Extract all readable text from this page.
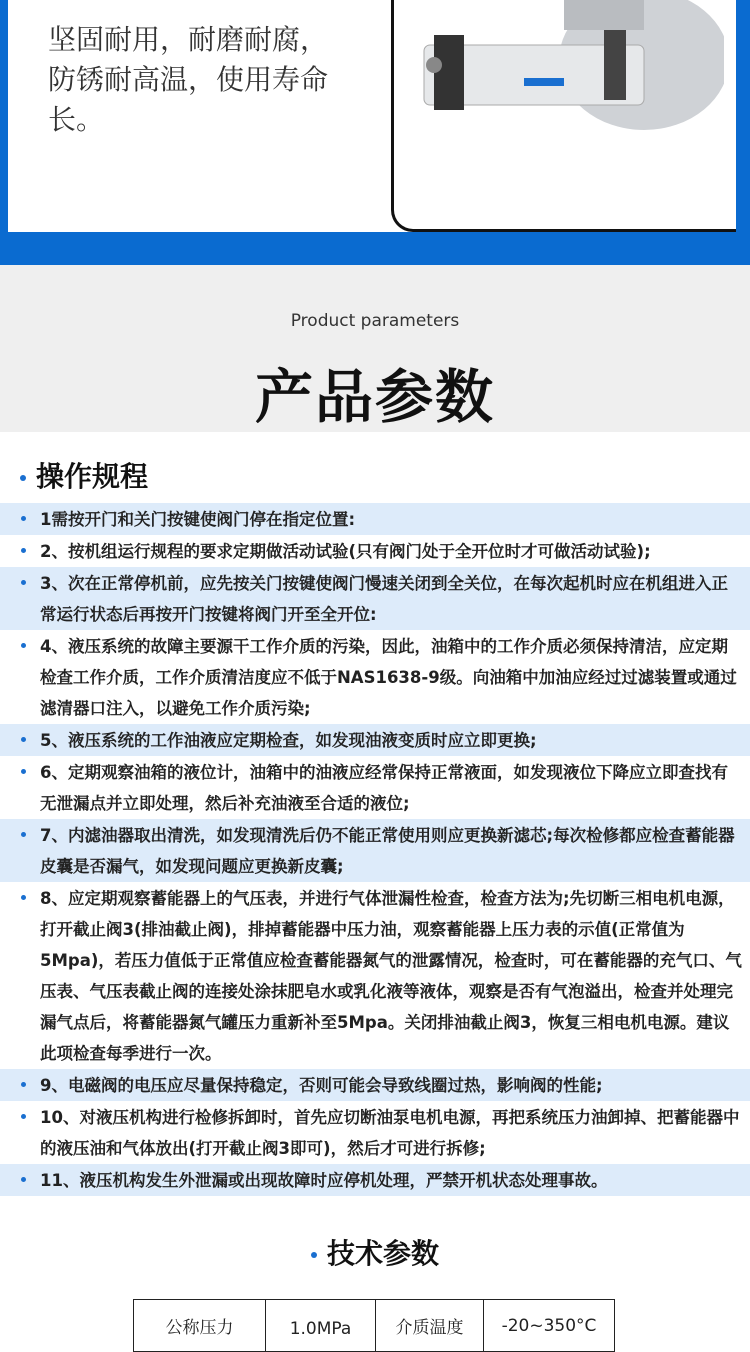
坚固耐用，耐磨耐腐，防锈耐高温，使用寿命长。
Product parameters
产品参数
操作规程
1需按开门和关门按键使阀门停在指定位置:
2、按机组运行规程的要求定期做活动试验(只有阀门处于全开位时才可做活动试验);
3、次在正常停机前，应先按关门按键使阀门慢速关闭到全关位，在每次起机时应在机组进入正常运行状态后再按开门按键将阀门开至全开位:
4、液压系统的故障主要源干工作介质的污染，因此，油箱中的工作介质必须保持清洁，应定期检查工作介质，工作介质清洁度应不低于NAS1638-9级。向油箱中加油应经过过滤装置或通过滤清器口注入，以避免工作介质污染;
5、液压系统的工作油液应定期检查，如发现油液变质时应立即更换;
6、定期观察油箱的液位计，油箱中的油液应经常保持正常液面，如发现液位下降应立即查找有无泄漏点并立即处理，然后补充油液至合适的液位;
7、内滤油器取出清洗，如发现清洗后仍不能正常使用则应更换新滤芯;每次检修都应检查蓄能器皮囊是否漏气，如发现问题应更换新皮囊;
8、应定期观察蓄能器上的气压表，并进行气体泄漏性检查，检查方法为;先切断三相电机电源，打开截止阀3(排油截止阀)，排掉蓄能器中压力油，观察蓄能器上压力表的示值(正常值为5Mpa)，若压力值低于正常值应检查蓄能器氮气的泄露情况，检查时，可在蓄能器的充气口、气压表、气压表截止阀的连接处涂抹肥皂水或乳化液等液体，观察是否有气泡溢出，检查并处理完漏气点后，将蓄能器氮气罐压力重新补至5Mpa。关闭排油截止阀3，恢复三相电机电源。建议此项检查每季进行一次。
9、电磁阀的电压应尽量保持稳定，否则可能会导致线圈过热，影响阀的性能;
10、对液压机构进行检修拆卸时，首先应切断油泵电机电源，再把系统压力油卸掉、把蓄能器中的液压油和气体放出(打开截止阀3即可)，然后才可进行拆修;
11、液压机构发生外泄漏或出现故障时应停机处理，严禁开机状态处理事故。
技术参数
公称压力	1.0MPa	介质温度	-20~350°C
